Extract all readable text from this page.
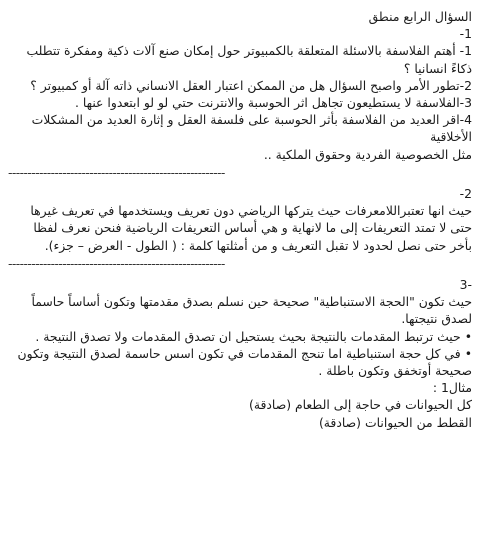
السؤال الرابع منطق
1-
1- أهتم الفلاسفة بالاسئلة المتعلقة بالكمبيوتر حول إمكان صنع آلات ذكية ومفكرة تتطلب ذكاءً انسانيا ؟
2-تطور الأمر واصبح السؤال هل من الممكن اعتبار العقل الانساني ذاته آلة أو كمبيوتر ؟
3-الفلاسفة لا يستطيعون تجاهل اثر الحوسبة والانترنت حتي لو لو ابتعدوا عنها .
4-اقر العديد من الفلاسفة بأثر الحوسبة على فلسفة العقل و إثارة العديد من المشكلات الأخلاقية
مثل الخصوصية الفردية وحقوق الملكية ..
--------------------------------------------------------
2-
حيث انها تعتبراللامعرفات حيث يتركها الرياضي دون تعريف ويستخدمها في تعريف غيرها حتى لا تمتد التعريفات إلى ما لانهاية و هي أساس التعريفات الرياضية فنحن نعرف لفظا بأخر حتى نصل لحدود لا تقبل التعريف و من أمثلتها كلمة : ( الطول - العرض – جزء).
--------------------------------------------------------
-3
حيث تكون "الحجة الاستنباطية" صحيحة حين نسلم بصدق مقدمتها وتكون أساساً حاسماً لصدق نتيجتها.
•حيث ترتبط المقدمات بالنتيجة بحيث يستحيل ان تصدق المقدمات ولا تصدق النتيجة .
•في كل حجة استنباطية اما تنحج المقدمات في تكون اسس حاسمة لصدق النتيجة وتكون صحيحة أوتخفق وتكون باطلة .
مثال1 :
كل الحيوانات في حاجة إلى الطعام (صادقة)
القطط من الحيوانات (صادقة)
